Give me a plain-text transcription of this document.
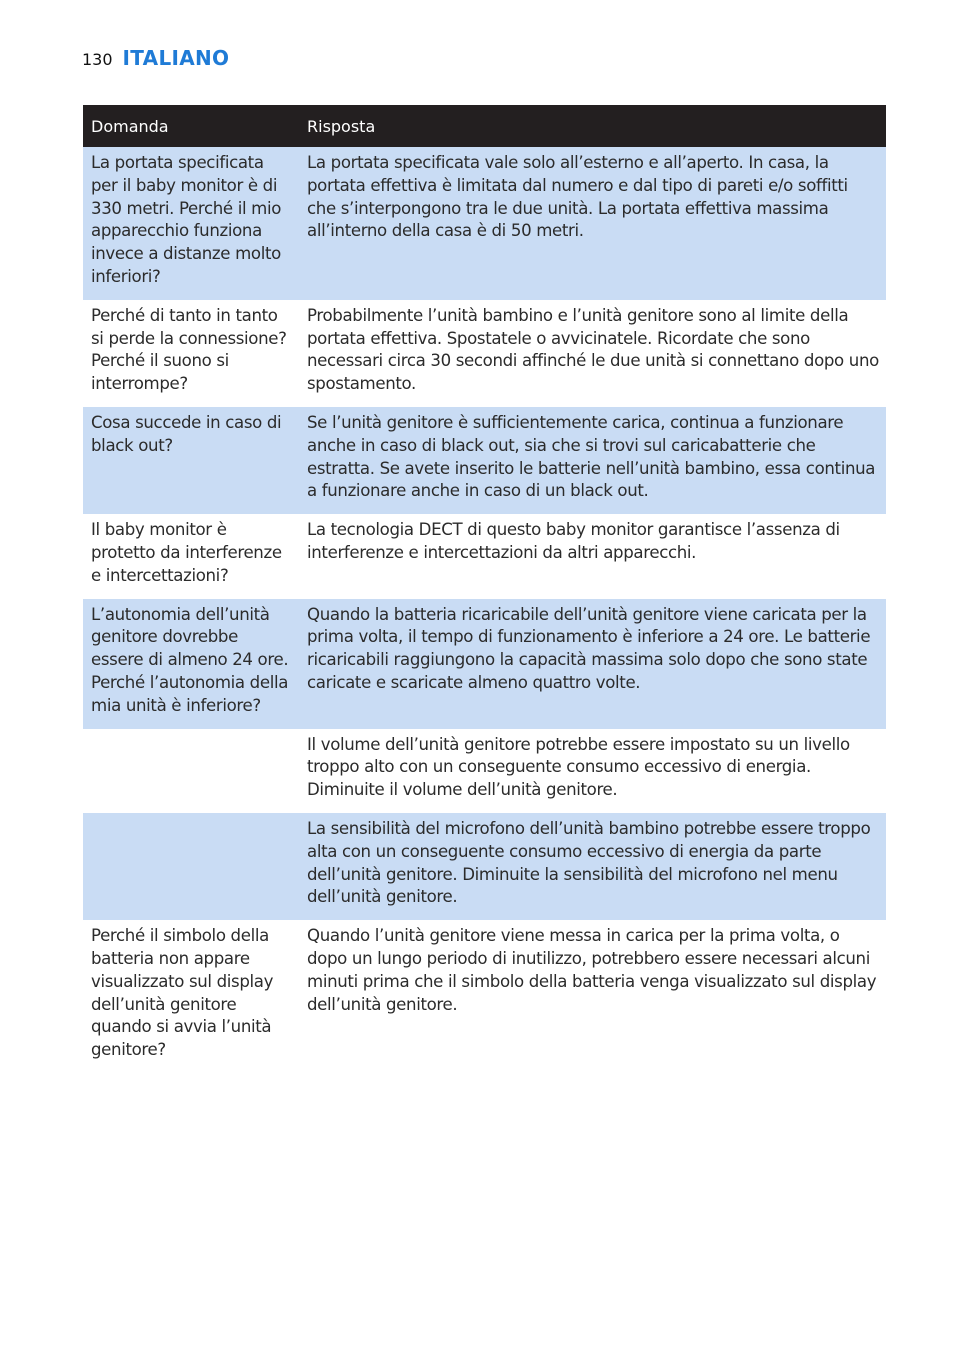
130 ITALIANO
Domanda	Risposta
La portata specificata per il baby monitor è di 330 metri. Perché il mio apparecchio funziona invece a distanze molto inferiori?	La portata specificata vale solo all’esterno e all’aperto. In casa, la portata effettiva è limitata dal numero e dal tipo di pareti e/o soffitti che s’interpongono tra le due unità. La portata effettiva massima all’interno della casa è di 50 metri.
Perché di tanto in tanto si perde la connessione? Perché il suono si interrompe?	Probabilmente l’unità bambino e l’unità genitore sono al limite della portata effettiva. Spostatele o avvicinatele. Ricordate che sono necessari circa 30 secondi affinché le due unità si connettano dopo uno spostamento.
Cosa succede in caso di black out?	Se l’unità genitore è sufficientemente carica, continua a funzionare anche in caso di black out, sia che si trovi sul caricabatterie che estratta. Se avete inserito le batterie nell’unità bambino, essa continua a funzionare anche in caso di un black out.
Il baby monitor è protetto da interferenze e intercettazioni?	La tecnologia DECT di questo baby monitor garantisce l’assenza di interferenze e intercettazioni da altri apparecchi.
L’autonomia dell’unità genitore dovrebbe essere di almeno 24 ore. Perché l’autonomia della mia unità è inferiore?	Quando la batteria ricaricabile dell’unità genitore viene caricata per la prima volta, il tempo di funzionamento è inferiore a 24 ore. Le batterie ricaricabili raggiungono la capacità massima solo dopo che sono state caricate e scaricate almeno quattro volte.
	Il volume dell’unità genitore potrebbe essere impostato su un livello troppo alto con un conseguente consumo eccessivo di energia. Diminuite il volume dell’unità genitore.
	La sensibilità del microfono dell’unità bambino potrebbe essere troppo alta con un conseguente consumo eccessivo di energia da parte dell’unità genitore. Diminuite la sensibilità del microfono nel menu dell’unità genitore.
Perché il simbolo della batteria non appare visualizzato sul display dell’unità genitore quando si avvia l’unità genitore?	Quando l’unità genitore viene messa in carica per la prima volta, o dopo un lungo periodo di inutilizzo, potrebbero essere necessari alcuni minuti prima che il simbolo della batteria venga visualizzato sul display dell’unità genitore.
